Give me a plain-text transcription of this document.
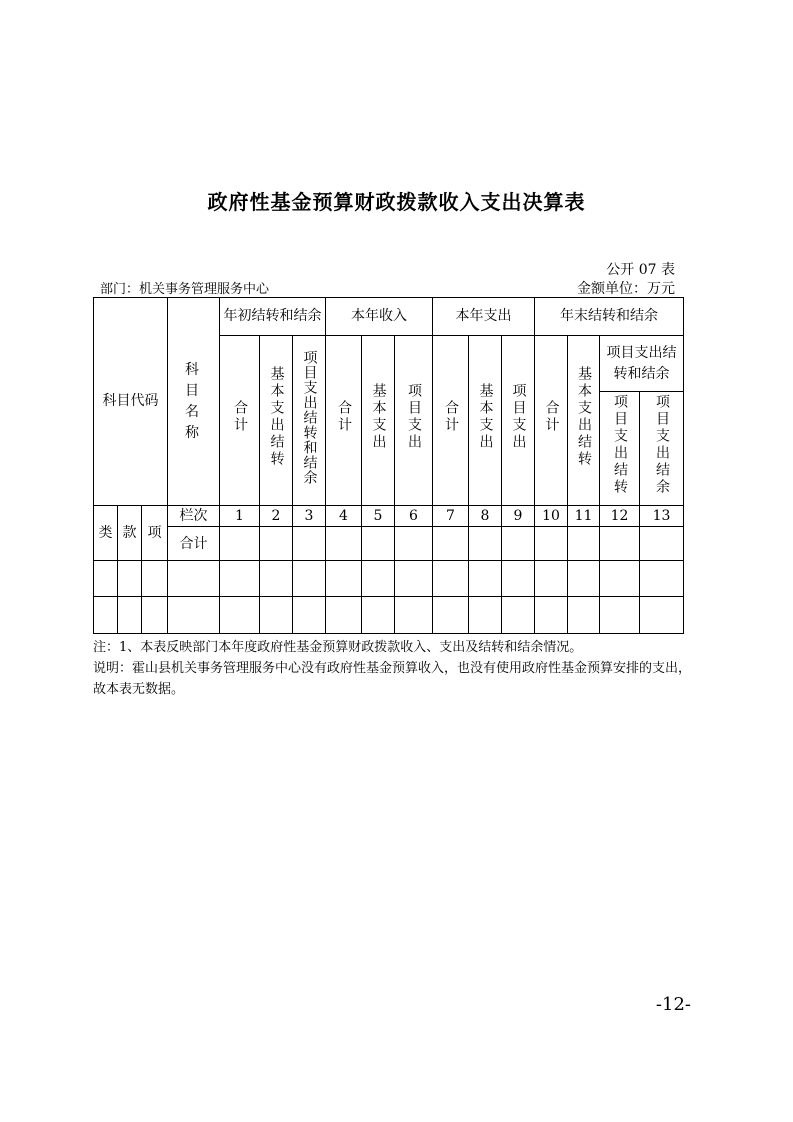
政府性基金预算财政拨款收入支出决算表
公开 07 表
部门：机关事务管理服务中心	金额单位：万元
科目代码			科目名称	年初结转和结余			本年收入			本年支出			年末结转和结余			
				合计	基本支出结转	项目支出结转和结余	合计	基本支出	项目支出	合计	基本支出	项目支出	合计	基本支出结转	项目支出结转和结余	
															项目支出结转	项目支出结余
类	款	项	栏次	1	2	3	4	5	6	7	8	9	10	11	12	13
			合计													

注：1、本表反映部门本年度政府性基金预算财政拨款收入、支出及结转和结余情况。
说明：霍山县机关事务管理服务中心没有政府性基金预算收入，也没有使用政府性基金预算安排的支出，故本表无数据。
-12-
